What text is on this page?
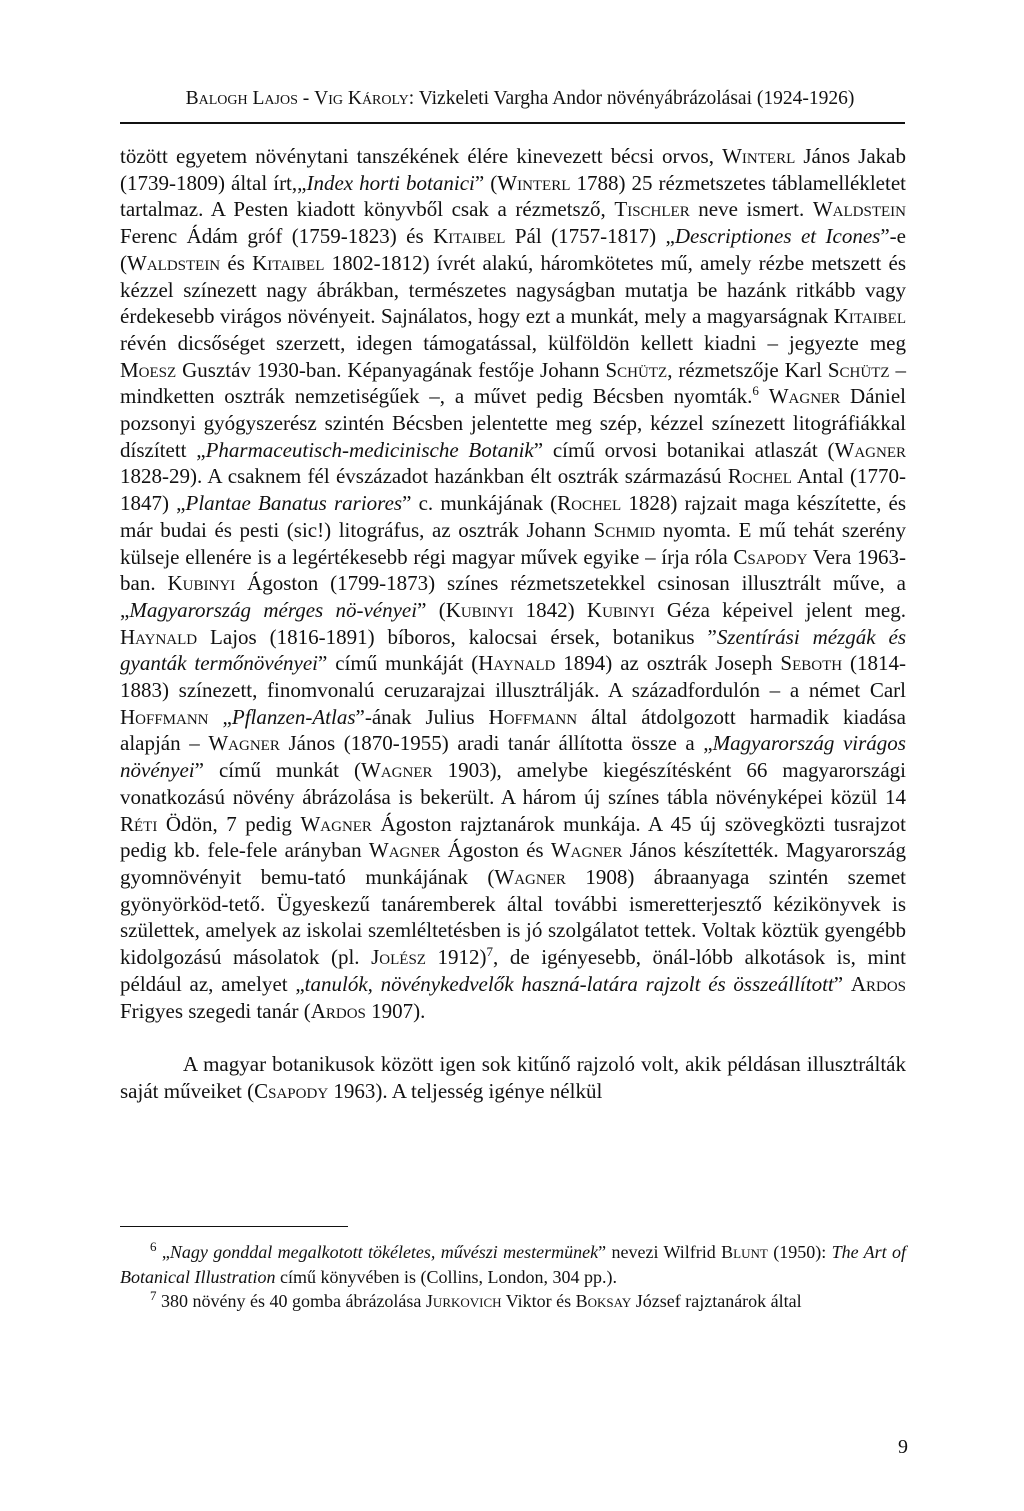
Balogh Lajos - Vig Károly: Vizkeleti Vargha Andor növényábrázolásai (1924-1926)

tözött egyetem növénytani tanszékének élére kinevezett bécsi orvos, Winterl János Jakab (1739-1809) által írt,„Index horti botanici” (Winterl 1788) 25 rézmetszetes táblamellékletet tartalmaz. A Pesten kiadott könyvből csak a rézmetsző, Tischler neve ismert. Waldstein Ferenc Ádám gróf (1759-1823) és Kitaibel Pál (1757-1817) „Descriptiones et Icones”-e (Waldstein és Kitaibel 1802-1812) ívrét alakú, háromkötetes mű, amely rézbe metszett és kézzel színezett nagy ábrákban, természetes nagyságban mutatja be hazánk ritkább vagy érdekesebb virágos növényeit. Sajnálatos, hogy ezt a munkát, mely a magyarságnak Kitaibel révén dicsőséget szerzett, idegen támogatással, külföldön kellett kiadni – jegyezte meg Moesz Gusztáv 1930-ban. Képanyagának festője Johann Schütz, rézmetszője Karl Schütz – mindketten osztrák nemzetiségűek –, a művet pedig Bécsben nyomták.$^6$ Wagner Dániel pozsonyi gyógyszerész szintén Bécsben jelentette meg szép, kézzel színezett litográfiákkal díszített „Pharmaceutisch-medicinische Botanik” című orvosi botanikai atlaszát (Wagner 1828-29). A csaknem fél évszázadot hazánkban élt osztrák származású Rochel Antal (1770-1847) „Plantae Banatus rariores” c. munkájának (Rochel 1828) rajzait maga készítette, és már budai és pesti (sic!) litográfus, az osztrák Johann Schmid nyomta. E mű tehát szerény külseje ellenére is a legértékesebb régi magyar művek egyike – írja róla Csapody Vera 1963-ban. Kubinyi Ágoston (1799-1873) színes rézmetszetekkel csinosan illusztrált műve, a „Magyarország mérges nö-vényei” (Kubinyi 1842) Kubinyi Géza képeivel jelent meg. Haynald Lajos (1816-1891) bíboros, kalocsai érsek, botanikus ”Szentírási mézgák és gyanták termőnövényei” című munkáját (Haynald 1894) az osztrák Joseph Seboth (1814-1883) színezett, finomvonalú ceruzarajzai illusztrálják. A századfordulón – a német Carl Hoffmann „Pflanzen-Atlas”-ának Julius Hoffmann által átdolgozott harmadik kiadása alapján – Wagner János (1870-1955) aradi tanár állította össze a „Magyarország virágos növényei” című munkát (Wagner 1903), amelybe kiegészítésként 66 magyarországi vonatkozású növény ábrázolása is bekerült. A három új színes tábla növényképei közül 14 Réti Ödön, 7 pedig Wagner Ágoston rajztanárok munkája. A 45 új szövegközti tusrajzot pedig kb. fele-fele arányban Wagner Ágoston és Wagner János készítették. Magyarország gyomnövényit bemu-tató munkájának (Wagner 1908) ábraanyaga szintén szemet gyönyörköd-tető. Ügyeskezű tanáremberek által további ismeretterjesztő kézikönyvek is születtek, amelyek az iskolai szemléltetésben is jó szolgálatot tettek. Voltak köztük gyengébb kidolgozású másolatok (pl. Jolész 1912)$^7$, de igényesebb, önál-lóbb alkotások is, mint például az, amelyet „tanulók, növénykedvelők haszná-latára rajzolt és összeállított” Ardos Frigyes szegedi tanár (Ardos 1907).

A magyar botanikusok között igen sok kitűnő rajzoló volt, akik példásan illusztrálták saját műveiket (Csapody 1963). A teljesség igénye nélkül

$^6$ „Nagy gonddal megalkotott tökéletes, művészi mestermünek” nevezi Wilfrid Blunt (1950): The Art of Botanical Illustration című könyvében is (Collins, London, 304 pp.).

$^7$ 380 növény és 40 gomba ábrázolása Jurkovich Viktor és Boksay József rajztanárok által

9
